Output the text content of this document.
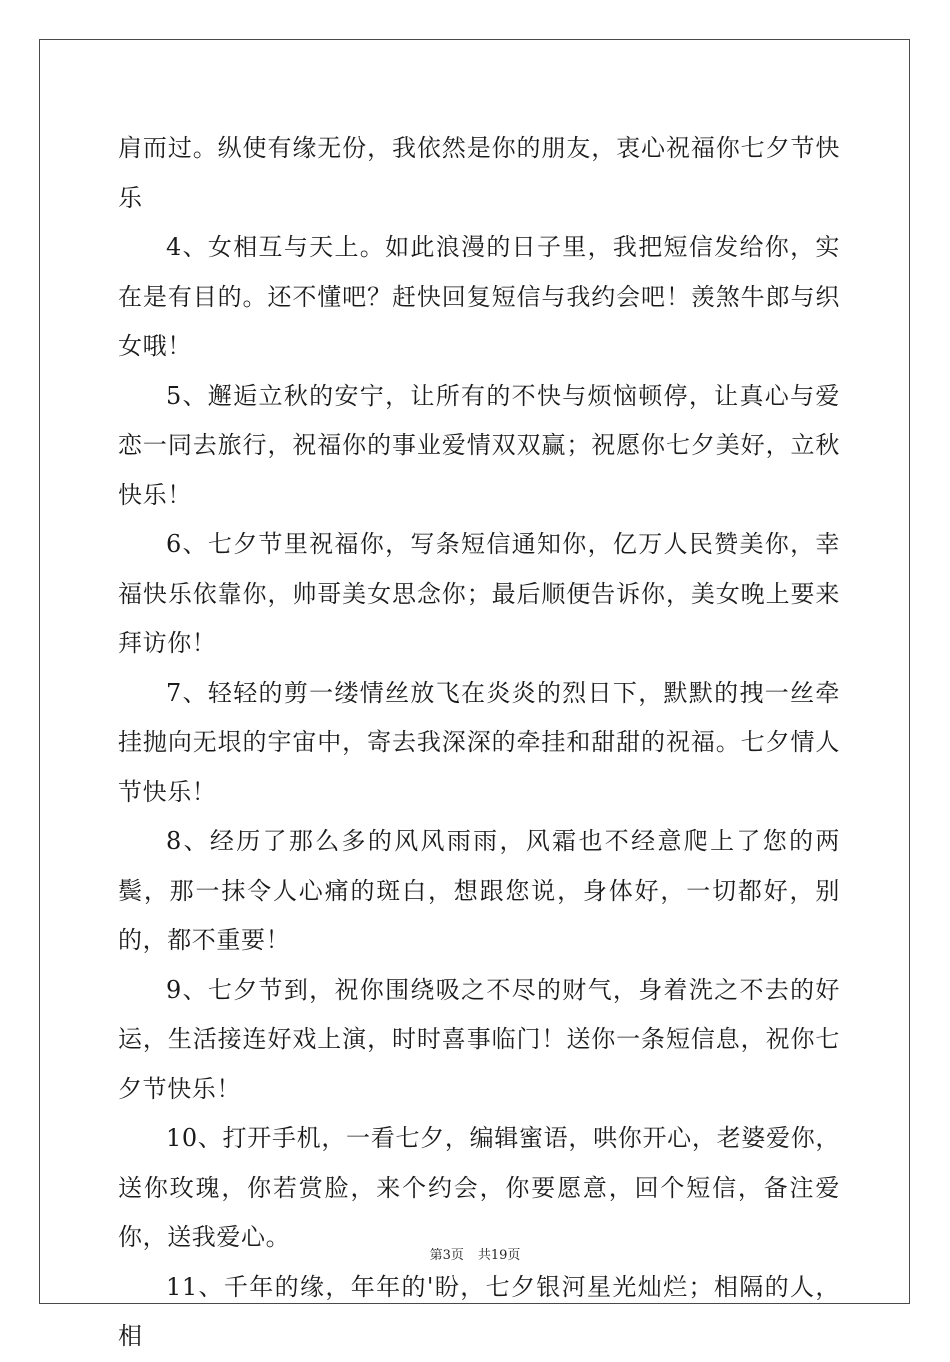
肩而过。纵使有缘无份，我依然是你的朋友，衷心祝福你七夕节快乐

4、女相互与天上。如此浪漫的日子里，我把短信发给你，实在是有目的。还不懂吧？赶快回复短信与我约会吧！羡煞牛郎与织女哦！

5、邂逅立秋的安宁，让所有的不快与烦恼顿停，让真心与爱恋一同去旅行，祝福你的事业爱情双双赢；祝愿你七夕美好，立秋快乐！

6、七夕节里祝福你，写条短信通知你，亿万人民赞美你，幸福快乐依靠你，帅哥美女思念你；最后顺便告诉你，美女晚上要来拜访你！

7、轻轻的剪一缕情丝放飞在炎炎的烈日下，默默的拽一丝牵挂抛向无垠的宇宙中，寄去我深深的牵挂和甜甜的祝福。七夕情人节快乐！

8、经历了那么多的风风雨雨，风霜也不经意爬上了您的两鬓，那一抹令人心痛的斑白，想跟您说，身体好，一切都好，别的，都不重要！

9、七夕节到，祝你围绕吸之不尽的财气，身着洗之不去的好运，生活接连好戏上演，时时喜事临门！送你一条短信息，祝你七夕节快乐！

10、打开手机，一看七夕，编辑蜜语，哄你开心，老婆爱你，送你玫瑰，你若赏脸，来个约会，你要愿意，回个短信，备注爱你，送我爱心。

11、千年的缘，年年的'盼，七夕银河星光灿烂；相隔的人，相

第3页 共19页
